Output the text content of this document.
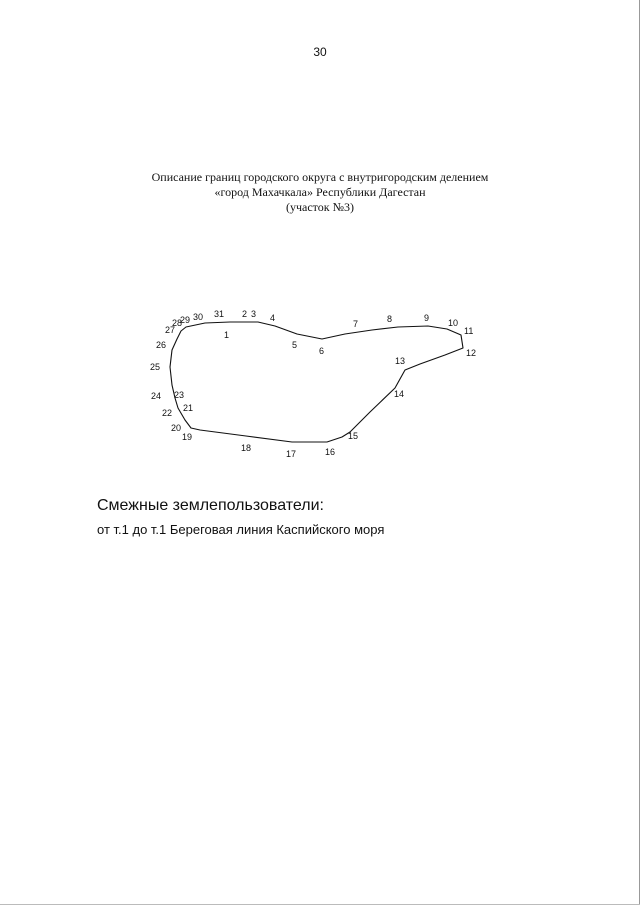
30
Описание границ городского округа с внутригородским делением
«город Махачкала» Республики Дагестан
(участок №3)
1
2 3 4
5
6
7	8	9 10
11
12
13
14
15
16
17
18
19
20
21
22
23
24
25
26
27
28
29 30 31
Смежные землепользователи:
от т.1 до т.1 Береговая линия Каспийского моря
